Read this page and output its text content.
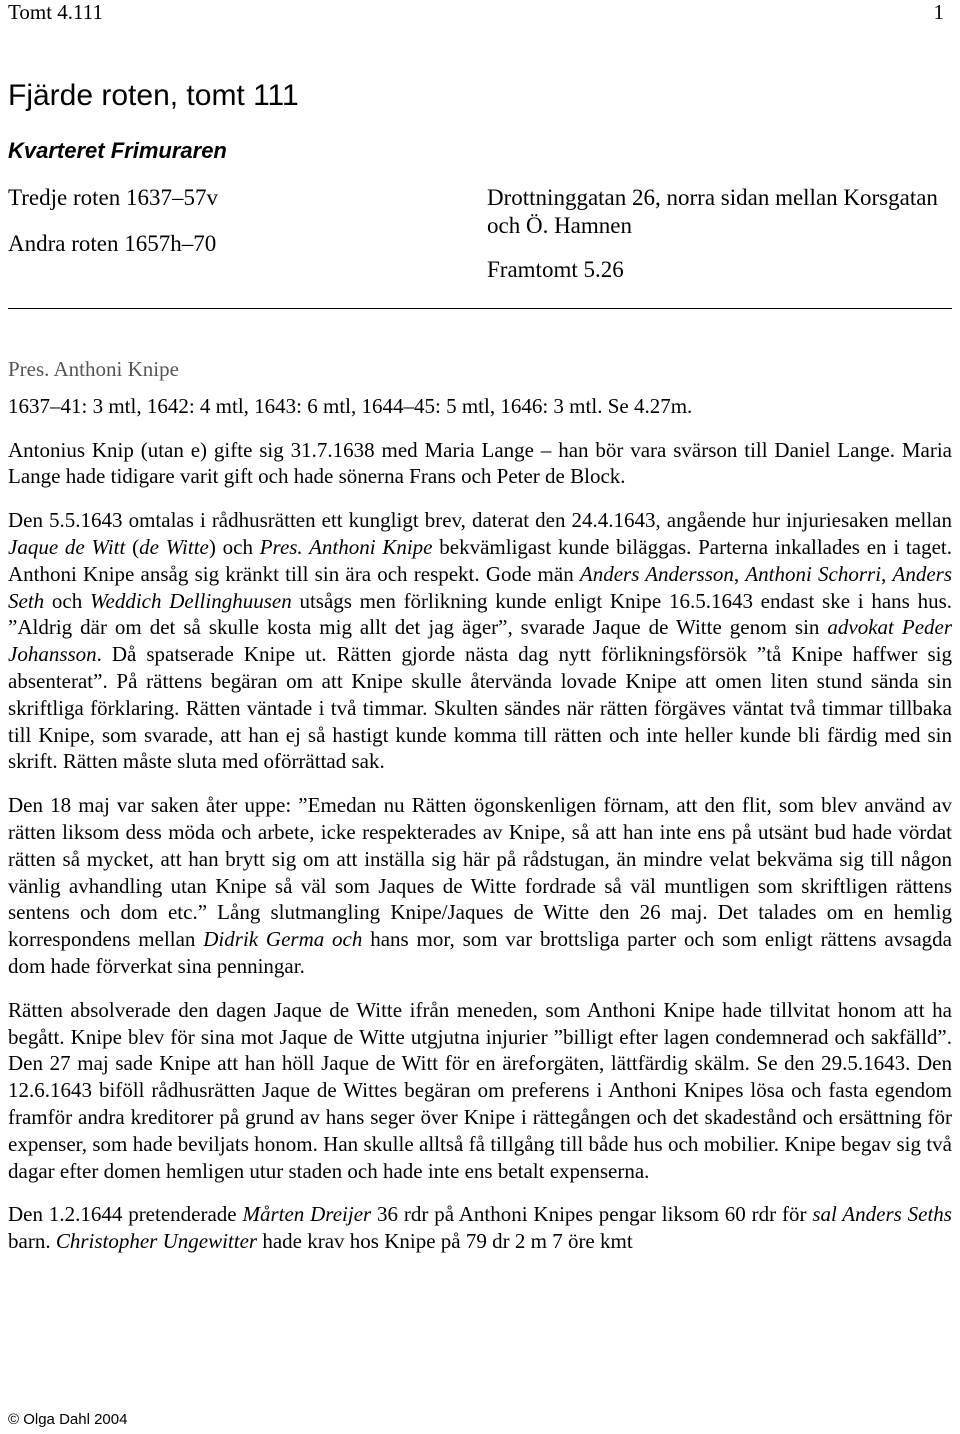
Tomt 4.111	1
Fjärde roten, tomt 111
Kvarteret Frimuraren
Tredje roten 1637–57v
Andra roten 1657h–70
Drottninggatan 26, norra sidan mellan Korsgatan och Ö. Hamnen
Framtomt 5.26

Pres. Anthoni Knipe

1637–41: 3 mtl, 1642: 4 mtl, 1643: 6 mtl, 1644–45: 5 mtl, 1646: 3 mtl. Se 4.27m.

Antonius Knip (utan e) gifte sig 31.7.1638 med Maria Lange – han bör vara svärson till Daniel Lange. Maria Lange hade tidigare varit gift och hade sönerna Frans och Peter de Block.

Den 5.5.1643 omtalas i rådhusrätten ett kungligt brev, daterat den 24.4.1643, angående hur injuriesaken mellan Jaque de Witt (de Witte) och Pres. Anthoni Knipe bekvämligast kunde biläggas. Parterna inkallades en i taget. Anthoni Knipe ansåg sig kränkt till sin ära och respekt. Gode män Anders Andersson, Anthoni Schorri, Anders Seth och Weddich Dellinghuusen utsågs men förlikning kunde enligt Knipe 16.5.1643 endast ske i hans hus. ”Aldrig där om det så skulle kosta mig allt det jag äger”, svarade Jaque de Witte genom sin advokat Peder Johansson. Då spatserade Knipe ut. Rätten gjorde nästa dag nytt förlikningsförsök ”tå Knipe haffwer sig absenterat”. På rättens begäran om att Knipe skulle återvända lovade Knipe att omen liten stund sända sin skriftliga förklaring. Rätten väntade i två timmar. Skulten sändes när rätten förgäves väntat två timmar tillbaka till Knipe, som svarade, att han ej så hastigt kunde komma till rätten och inte heller kunde bli färdig med sin skrift. Rätten måste sluta med oförrättad sak.

Den 18 maj var saken åter uppe: ”Emedan nu Rätten ögonskenligen förnam, att den flit, som blev använd av rätten liksom dess möda och arbete, icke respekterades av Knipe, så att han inte ens på utsänt bud hade vördat rätten så mycket, att han brytt sig om att inställa sig här på rådstugan, än mindre velat bekväma sig till någon vänlig avhandling utan Knipe så väl som Jaques de Witte fordrade så väl muntligen som skriftligen rättens sentens och dom etc.” Lång slutmangling Knipe/Jaques de Witte den 26 maj. Det talades om en hemlig korrespondens mellan Didrik Germa och hans mor, som var brottsliga parter och som enligt rättens avsagda dom hade förverkat sina penningar.

Rätten absolverade den dagen Jaque de Witte ifrån meneden, som Anthoni Knipe hade tillvitat honom att ha begått. Knipe blev för sina mot Jaque de Witte utgjutna injurier ”billigt efter lagen condemnerad och sakfälld”. Den 27 maj sade Knipe att han höll Jaque de Witt för en ärefߋrgäten, lättfärdig skälm. Se den 29.5.1643. Den 12.6.1643 biföll rådhusrätten Jaque de Wittes begäran om preferens i Anthoni Knipes lösa och fasta egendom framför andra kreditorer på grund av hans seger över Knipe i rättegången och det skadestånd och ersättning för expenser, som hade beviljats honom. Han skulle alltså få tillgång till både hus och mobilier. Knipe begav sig två dagar efter domen hemligen utur staden och hade inte ens betalt expenserna.

Den 1.2.1644 pretenderade Mårten Dreijer 36 rdr på Anthoni Knipes pengar liksom 60 rdr för sal Anders Seths barn. Christopher Ungewitter hade krav hos Knipe på 79 dr 2 m 7 öre kmt

© Olga Dahl 2004
